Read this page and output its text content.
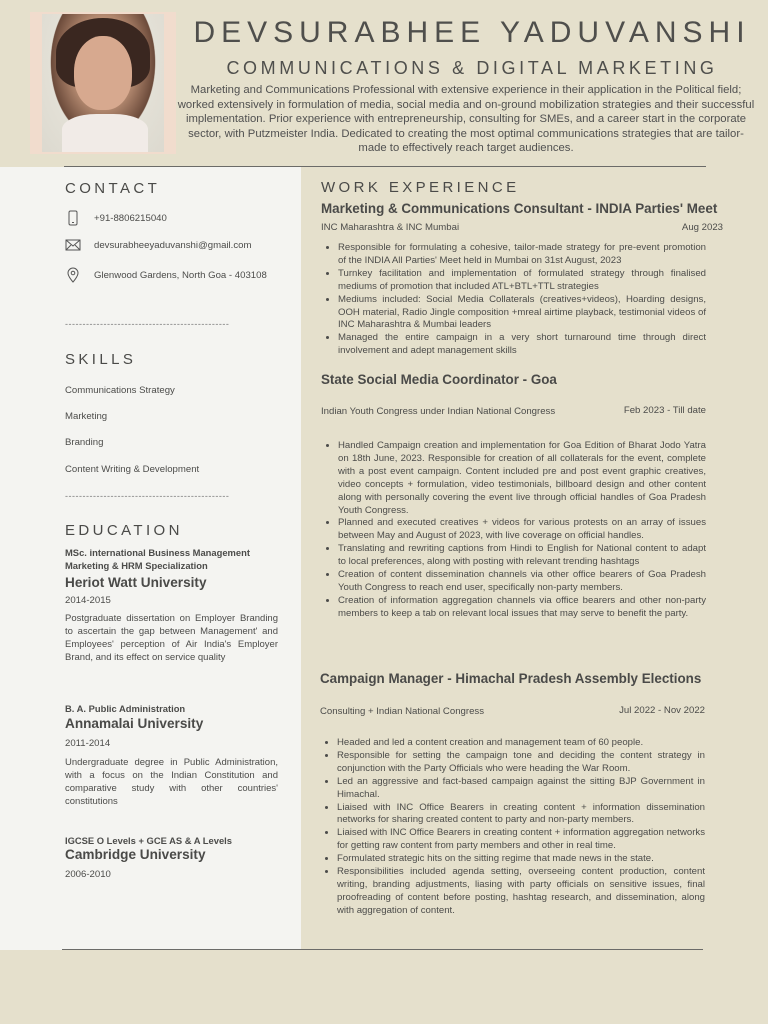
DEVSURABHEE YADUVANSHI
COMMUNICATIONS & DIGITAL MARKETING
Marketing and Communications Professional with extensive experience in their application in the Political field; worked extensively in formulation of media, social media and on-ground mobilization strategies and their successful implementation. Prior experience with entrepreneurship, consulting for SMEs, and a career start in the corporate sector, with Putzmeister India. Dedicated to creating the most optimal communications strategies that are tailor-made to effectively reach target audiences.
CONTACT
+91-8806215040
devsurabheeyaduvanshi@gmail.com
Glenwood Gardens, North Goa - 403108
-----------------------------------------------
SKILLS
Communications Strategy
Marketing
Branding
Content Writing & Development
-----------------------------------------------
EDUCATION
MSc. international Business Management Marketing & HRM Specialization
Heriot Watt University
2014-2015
Postgraduate dissertation on Employer Branding to ascertain the gap between Management' and Employees' perception of Air India's Employer Brand, and its effect on service quality
B. A. Public Administration
Annamalai University
2011-2014
Undergraduate degree in Public Administration, with a focus on the Indian Constitution and comparative study with other countries' constitutions
IGCSE O Levels + GCE AS & A Levels
Cambridge University
2006-2010
WORK EXPERIENCE
Marketing & Communications Consultant - INDIA Parties' Meet
INC Maharashtra & INC Mumbai	Aug 2023
• Responsible for formulating a cohesive, tailor-made strategy for pre-event promotion of the INDIA All Parties' Meet held in Mumbai on 31st August, 2023
• Turnkey facilitation and implementation of formulated strategy through finalised mediums of promotion that included ATL+BTL+TTL strategies
• Mediums included: Social Media Collaterals (creatives+videos), Hoarding designs, OOH material, Radio Jingle composition +mreal airtime playback, testimonial videos of INC Maharashtra & Mumbai leaders
• Managed the entire campaign in a very short turnaround time through direct involvement and adept management skills
State Social Media Coordinator - Goa
Indian Youth Congress under Indian National Congress	Feb 2023 - Till date
• Handled Campaign creation and implementation for Goa Edition of Bharat Jodo Yatra on 18th June, 2023. Responsible for creation of all collaterals for the event, complete with a post event campaign. Content included pre and post event graphic creatives, video concepts + formulation, video testimonials, billboard design and other content along with personally covering the event live through official handles of Goa Pradesh Youth Congress.
• Planned and executed creatives + videos for various protests on an array of issues between May and August of 2023, with live coverage on official handles.
• Translating and rewriting captions from Hindi to English for National content to adapt to local preferences, along with posting with relevant trending hashtags
• Creation of content dissemination channels via other office bearers of Goa Pradesh Youth Congress to reach end user, specifically non-party members.
• Creation of information aggregation channels via office bearers and other non-party members to keep a tab on relevant local issues that may serve to benefit the party.
Campaign Manager - Himachal Pradesh Assembly Elections
Consulting + Indian National Congress	Jul 2022 - Nov 2022
• Headed and led a content creation and management team of 60 people.
• Responsible for setting the campaign tone and deciding the content strategy in conjunction with the Party Officials who were heading the War Room.
• Led an aggressive and fact-based campaign against the sitting BJP Government in Himachal.
• Liaised with INC Office Bearers in creating content + information dissemination networks for sharing created content to party and non-party members.
• Liaised with INC Office Bearers in creating content + information aggregation networks for getting raw content from party members and other in real time.
• Formulated strategic hits on the sitting regime that made news in the state.
• Responsibilities included agenda setting, overseeing content production, content writing, branding adjustments, liasing with party officials on sensitive issues, final proofreading of content before posting, hashtag research, and dissemination, along with aggregation of content.
